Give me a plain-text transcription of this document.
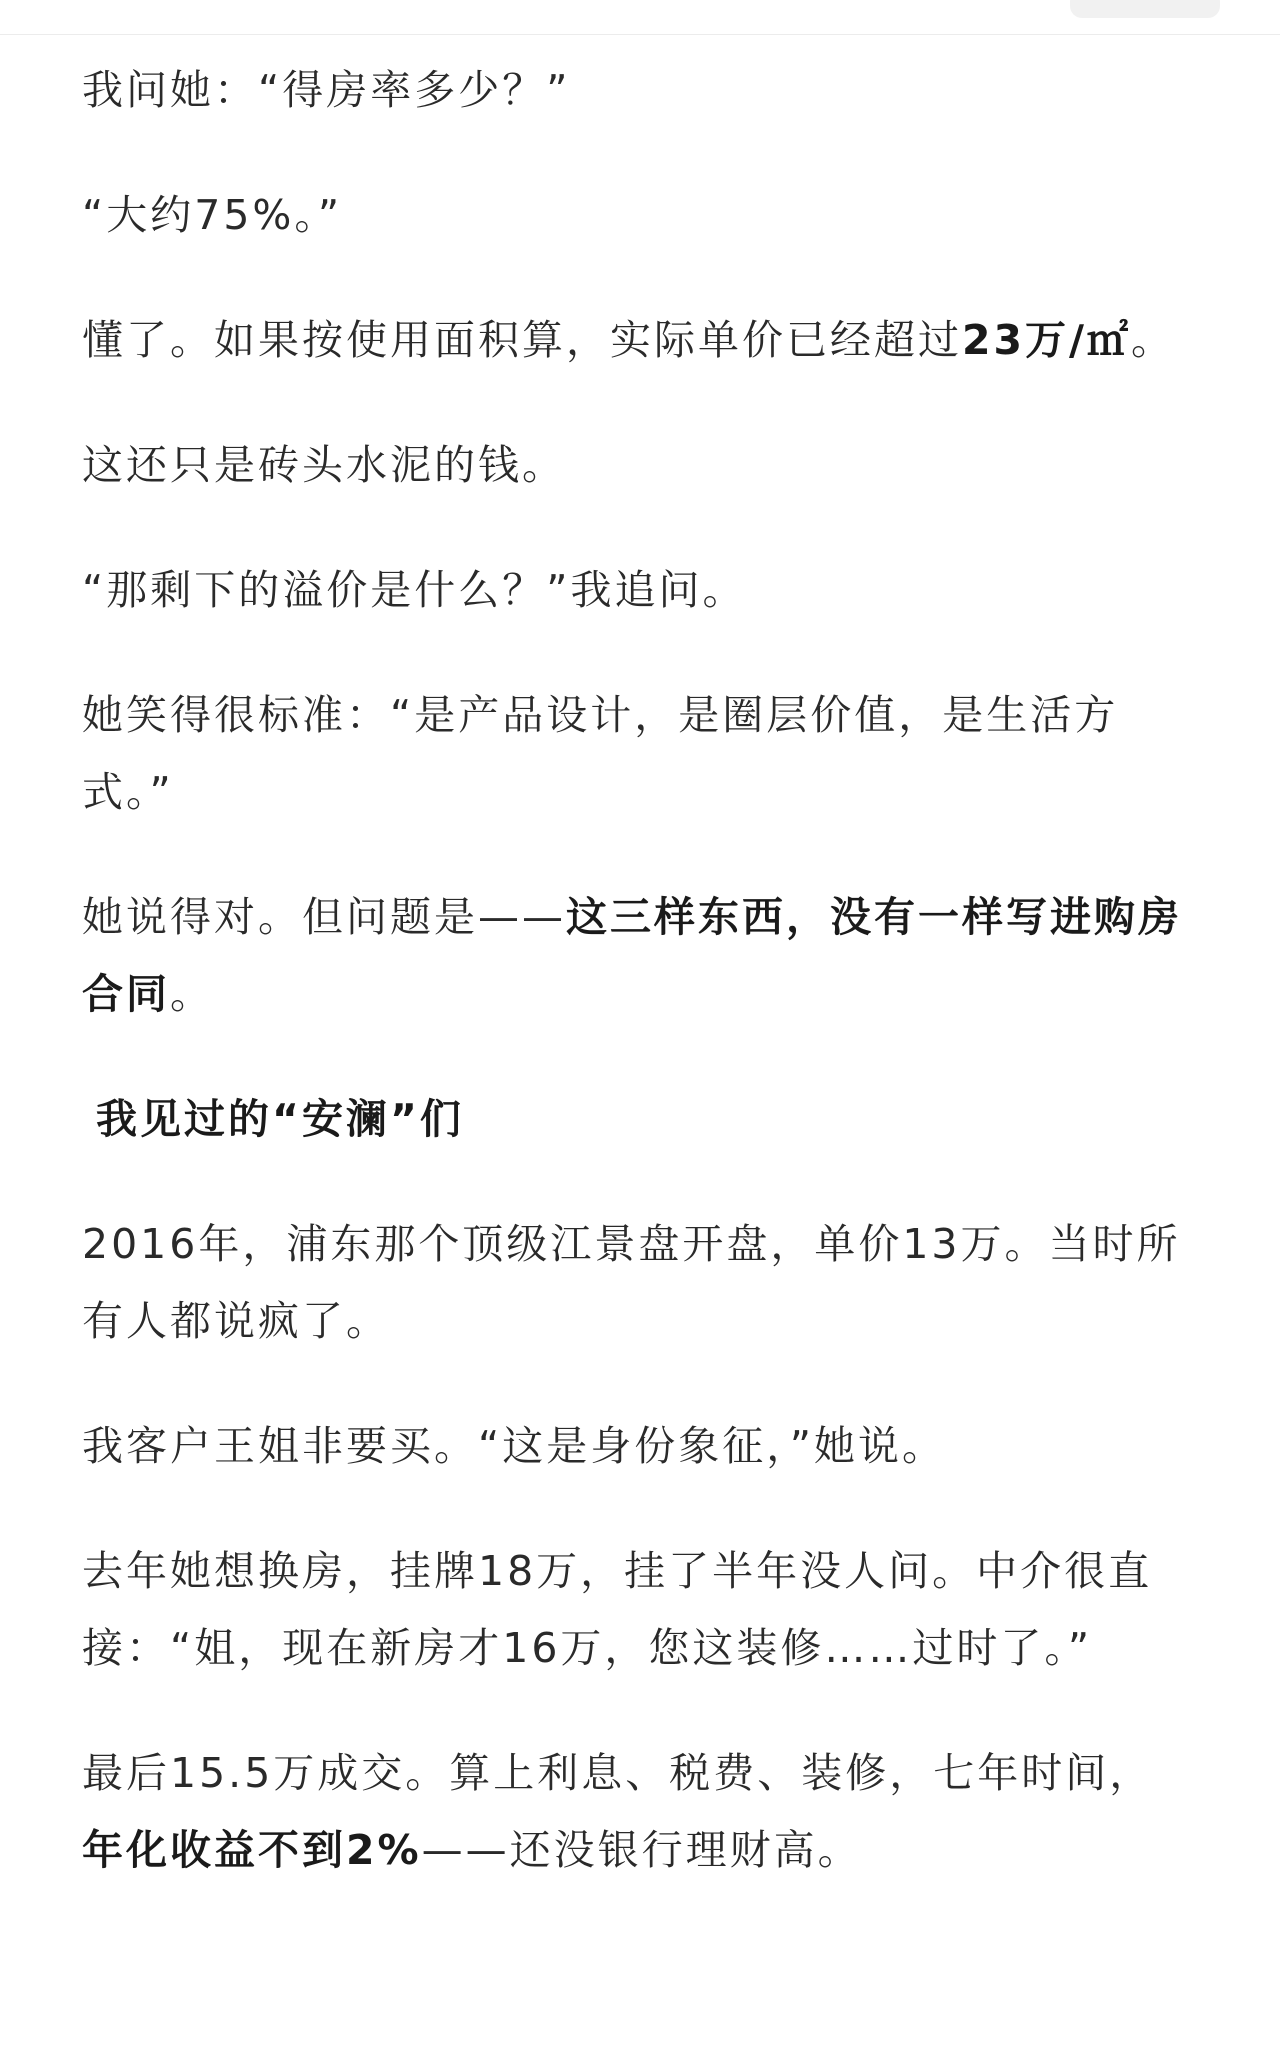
我问她：“得房率多少？”

“大约75%。”

懂了。如果按使用面积算，实际单价已经超过23万/㎡。

这还只是砖头水泥的钱。

“那剩下的溢价是什么？”我追问。

她笑得很标准：“是产品设计，是圈层价值，是生活方式。”

她说得对。但问题是——这三样东西，没有一样写进购房合同。

我见过的“安澜”们

2016年，浦东那个顶级江景盘开盘，单价13万。当时所有人都说疯了。

我客户王姐非要买。“这是身份象征，”她说。

去年她想换房，挂牌18万，挂了半年没人问。中介很直接：“姐，现在新房才16万，您这装修……过时了。”

最后15.5万成交。算上利息、税费、装修，七年时间，年化收益不到2%——还没银行理财高。
